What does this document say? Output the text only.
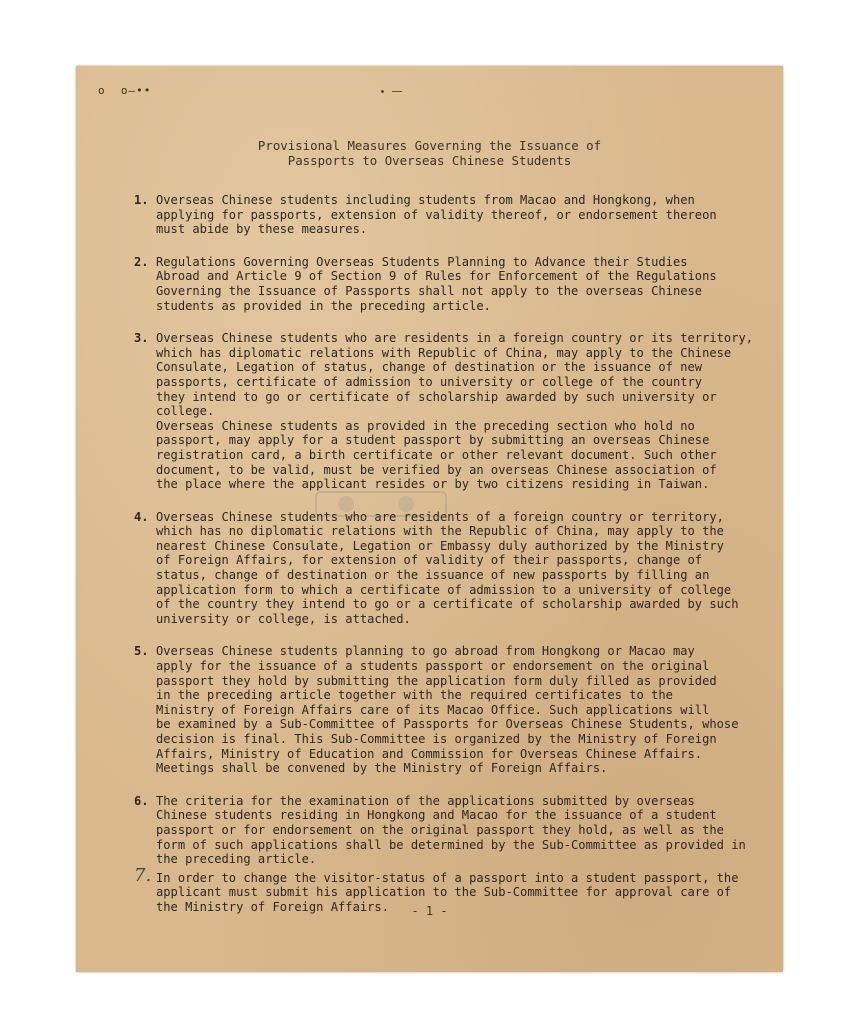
o  o–••
Provisional Measures Governing the Issuance of
Passports to Overseas Chinese Students
1. Overseas Chinese students including students from Macao and Hongkong, when

applying for passports, extension of validity thereof, or endorsement thereon

must abide by these measures.

2. Regulations Governing Overseas Students Planning to Advance their Studies

Abroad and Article 9 of Section 9 of Rules for Enforcement of the Regulations

Governing the Issuance of Passports shall not apply to the overseas Chinese

students as provided in the preceding article.

3. Overseas Chinese students who are residents in a foreign country or its territory,

which has diplomatic relations with Republic of China, may apply to the Chinese

Consulate, Legation of status, change of destination or the issuance of new

passports, certificate of admission to university or college of the country

they intend to go or certificate of scholarship awarded by such university or

college.

Overseas Chinese students as provided in the preceding section who hold no

passport, may apply for a student passport by submitting an overseas Chinese

registration card, a birth certificate or other relevant document. Such other

document, to be valid, must be verified by an overseas Chinese association of

the place where the applicant resides or by two citizens residing in Taiwan.

4. Overseas Chinese students who are residents of a foreign country or territory,

which has no diplomatic relations with the Republic of China, may apply to the

nearest Chinese Consulate, Legation or Embassy duly authorized by the Ministry

of Foreign Affairs, for extension of validity of their passports, change of

status, change of destination or the issuance of new passports by filling an

application form to which a certificate of admission to a university of college

of the country they intend to go or a certificate of scholarship awarded by such

university or college, is attached.

5. Overseas Chinese students planning to go abroad from Hongkong or Macao may

apply for the issuance of a students passport or endorsement on the original

passport they hold by submitting the application form duly filled as provided

in the preceding article together with the required certificates to the

Ministry of Foreign Affairs care of its Macao Office. Such applications will

be examined by a Sub-Committee of Passports for Overseas Chinese Students, whose

decision is final. This Sub-Committee is organized by the Ministry of Foreign

Affairs, Ministry of Education and Commission for Overseas Chinese Affairs.

Meetings shall be convened by the Ministry of Foreign Affairs.

6. The criteria for the examination of the applications submitted by overseas

Chinese students residing in Hongkong and Macao for the issuance of a student

passport or for endorsement on the original passport they hold, as well as the

form of such applications shall be determined by the Sub-Committee as provided in

the preceding article.

7. In order to change the visitor-status of a passport into a student passport, the

applicant must submit his application to the Sub-Committee for approval care of

the Ministry of Foreign Affairs.	- 1 -
